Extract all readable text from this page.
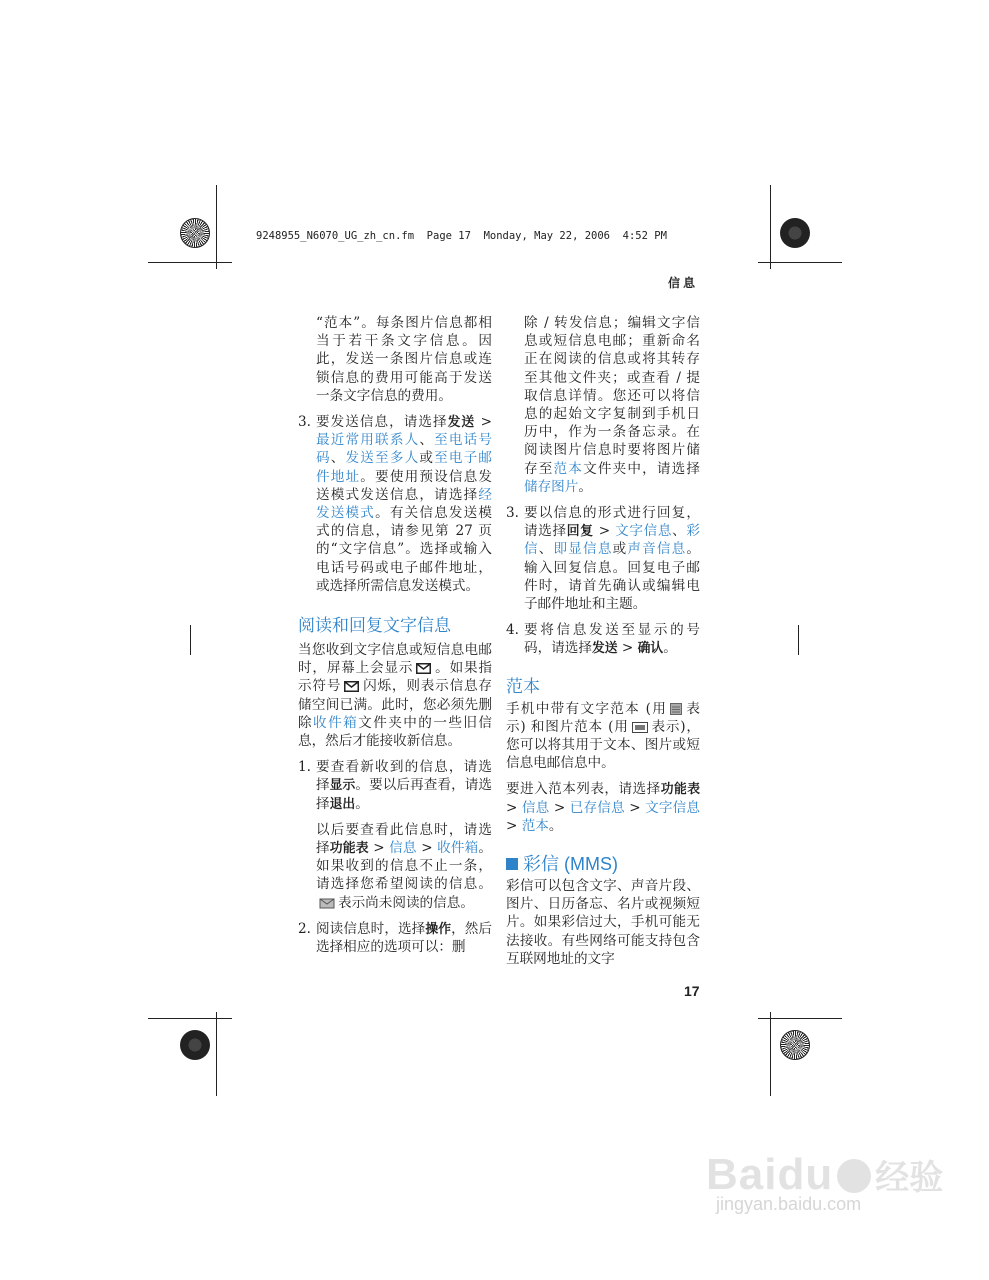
9248955_N6070_UG_zh_cn.fm  Page 17  Monday, May 22, 2006  4:52 PM
信息

“范本”。每条图片信息都相当于若干条文字信息。因此，发送一条图片信息或连锁信息的费用可能高于发送一条文字信息的费用。

3. 要发送信息，请选择发送 > 最近常用联系人、至电话号码、发送至多人或至电子邮件地址。要使用预设信息发送模式发送信息，请选择经发送模式。有关信息发送模式的信息，请参见第 27 页的“文字信息”。选择或输入电话号码或电子邮件地址，或选择所需信息发送模式。

阅读和回复文字信息

当您收到文字信息或短信息电邮时，屏幕上会显示 。如果指示符号 闪烁，则表示信息存储空间已满。此时，您必须先删除收件箱文件夹中的一些旧信息，然后才能接收新信息。

1. 要查看新收到的信息，请选择显示。要以后再查看，请选择退出。

以后要查看此信息时，请选择功能表 > 信息 > 收件箱。如果收到的信息不止一条，请选择您希望阅读的信息。表示尚未阅读的信息。

2. 阅读信息时，选择操作，然后选择相应的选项可以：删

除 / 转发信息；编辑文字信息或短信息电邮；重新命名正在阅读的信息或将其转存至其他文件夹；或查看 / 提取信息详情。您还可以将信息的起始文字复制到手机日历中，作为一条备忘录。在阅读图片信息时要将图片储存至范本文件夹中，请选择储存图片。

3. 要以信息的形式进行回复，请选择回复 > 文字信息、彩信、即显信息或声音信息。输入回复信息。回复电子邮件时，请首先确认或编辑电子邮件地址和主题。

4. 要将信息发送至显示的号码，请选择发送 > 确认。

范本

手机中带有文字范本 (用 表示) 和图片范本 (用 表示)，您可以将其用于文本、图片或短信息电邮信息中。

要进入范本列表，请选择功能表 > 信息 > 已存信息 > 文字信息 > 范本。

彩信 (MMS)

彩信可以包含文字、声音片段、图片、日历备忘、名片或视频短片。如果彩信过大，手机可能无法接收。有些网络可能支持包含互联网地址的文字

17
Baidu 经验
jingyan.baidu.com
